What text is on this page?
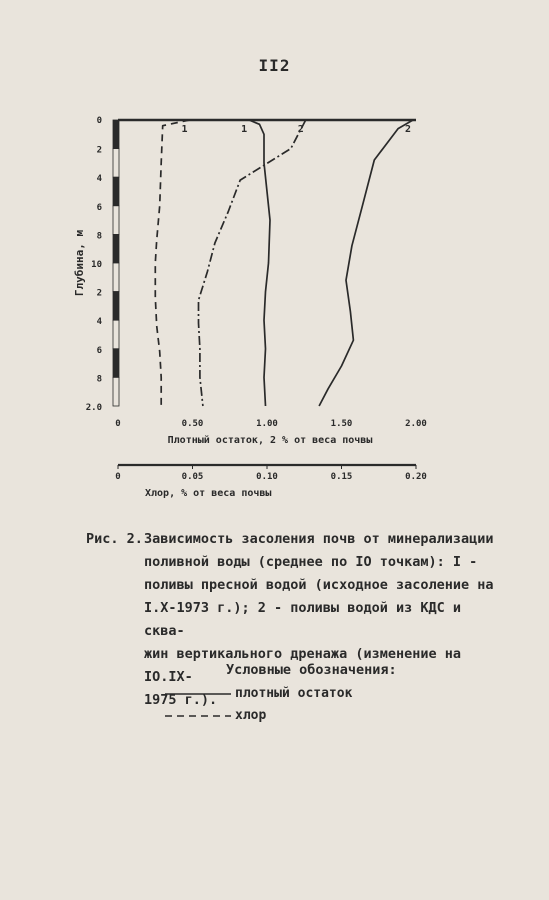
II2
0
2
4
6
8
10
2
4
6
8
2.0
Глубина, м
0	0.50	1.00	1.50	2.00
Плотный остаток, 2 % от веса почвы
0	0.05	0.10	0.15	0.20
Хлор, % от веса почвы
1	2
1	2
Рис. 2. Зависимость засоления почв от минерализации
поливной воды (среднее по IO точкам): I -
поливы пресной водой (исходное засоление на
I.X-1973 г.); 2 - поливы водой из КДС и сква-
жин вертикального дренажа (изменение на IO.IX-
1975 г.).
Условные обозначения:
плотный остаток
хлор
